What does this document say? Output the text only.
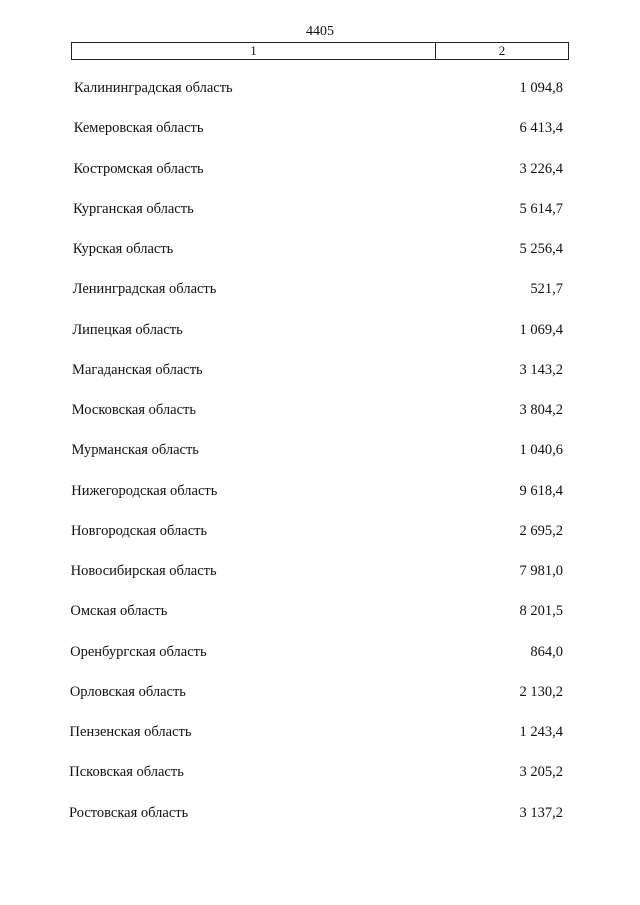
4405
1	2
Калининградская область	1 094,8
Кемеровская область	6 413,4
Костромская область	3 226,4
Курганская область	5 614,7
Курская область	5 256,4
Ленинградская область	521,7
Липецкая область	1 069,4
Магаданская область	3 143,2
Московская область	3 804,2
Мурманская область	1 040,6
Нижегородская область	9 618,4
Новгородская область	2 695,2
Новосибирская область	7 981,0
Омская область	8 201,5
Оренбургская область	864,0
Орловская область	2 130,2
Пензенская область	1 243,4
Псковская область	3 205,2
Ростовская область	3 137,2
